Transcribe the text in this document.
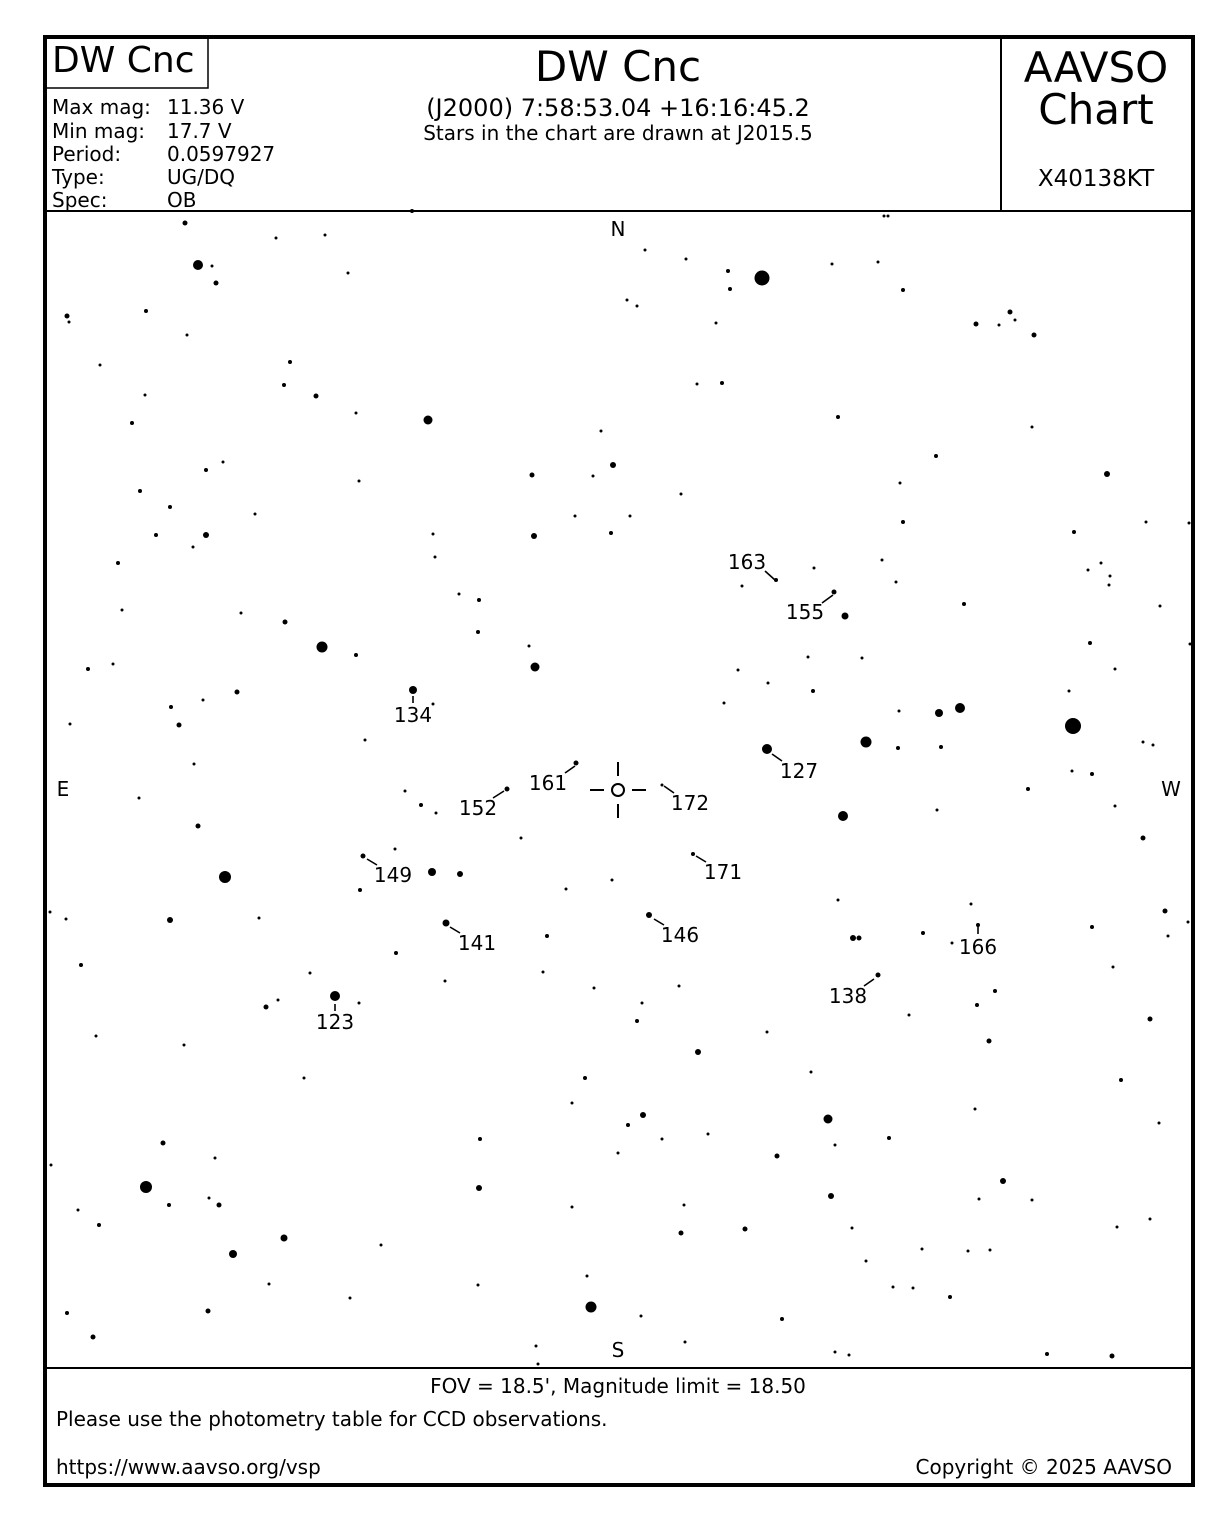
DW Cnc	DW Cnc
(J2000) 7:58:53.04 +16:16:45.2
Stars in the chart are drawn at J2015.5
AAVSO
Chart
X40138KT
Max mag: 11.36 V
Min mag: 17.7 V
Period: 0.0597927
Type:	UG/DQ
Spec:	OB
N
S
E	W
163
155
134
127
161
152	172
149	171
141	146	166
138
123
FOV = 18.5', Magnitude limit = 18.50
Please use the photometry table for CCD observations.
https://www.aavso.org/vsp	Copyright © 2025 AAVSO
